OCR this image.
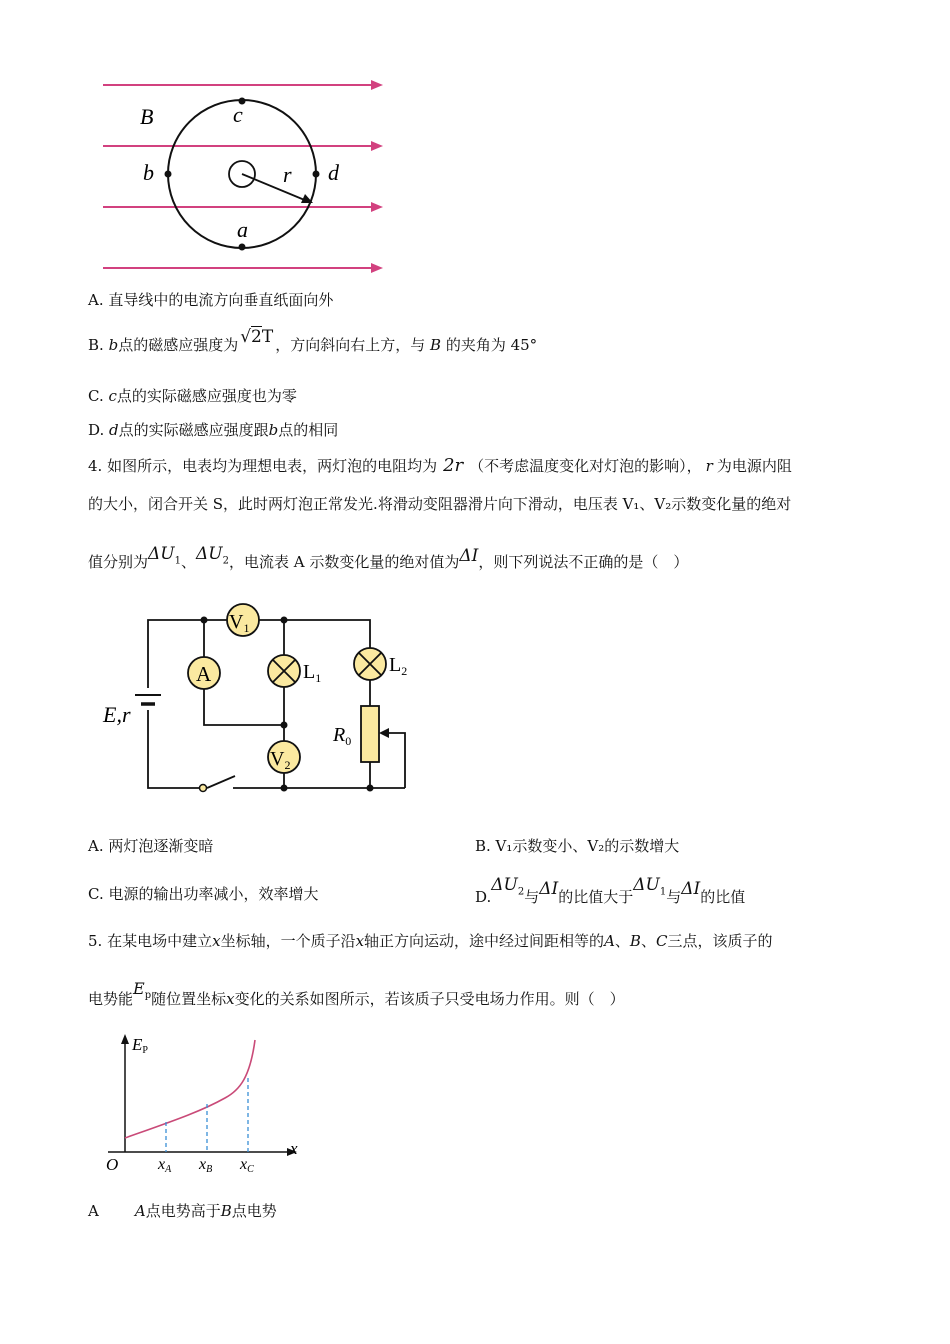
B	c
b	d
r
a
A. 直导线中的电流方向垂直纸面向外
B. b点的磁感应强度为 √2T ，方向斜向右上方，与 B 的夹角为 45°
C. c点的实际磁感应强度也为零
D. d点的实际磁感应强度跟b点的相同
4. 如图所示，电表均为理想电表，两灯泡的电阻均为 2r （不考虑温度变化对灯泡的影响）， r 为电源内阻
的大小，闭合开关 S，此时两灯泡正常发光.将滑动变阻器滑片向下滑动，电压表 V₁、V₂示数变化量的绝对
值分别为$\Delta U_1$、$\Delta U_2$，电流表 A 示数变化量的绝对值为ΔI，则下列说法不正确的是（　）
E,r
$V_1$
A	$L_1$
$L_2$
$R_0$
$V_2$
A. 两灯泡逐渐变暗	B. V₁示数变小、V₂的示数增大
C. 电源的输出功率减小，效率增大	$D.\Delta U_2$与ΔI的比值大于$\Delta U_1$与ΔI的比值
5. 在某电场中建立x坐标轴，一个质子沿x轴正方向运动，途中经过间距相等的A、B、C三点，该质子的
电势能$E_p$随位置坐标x变化的关系如图所示，若该质子只受电场力作用。则（　）
EP
O
x
xA xB xC
A A点电势高于B点电势
